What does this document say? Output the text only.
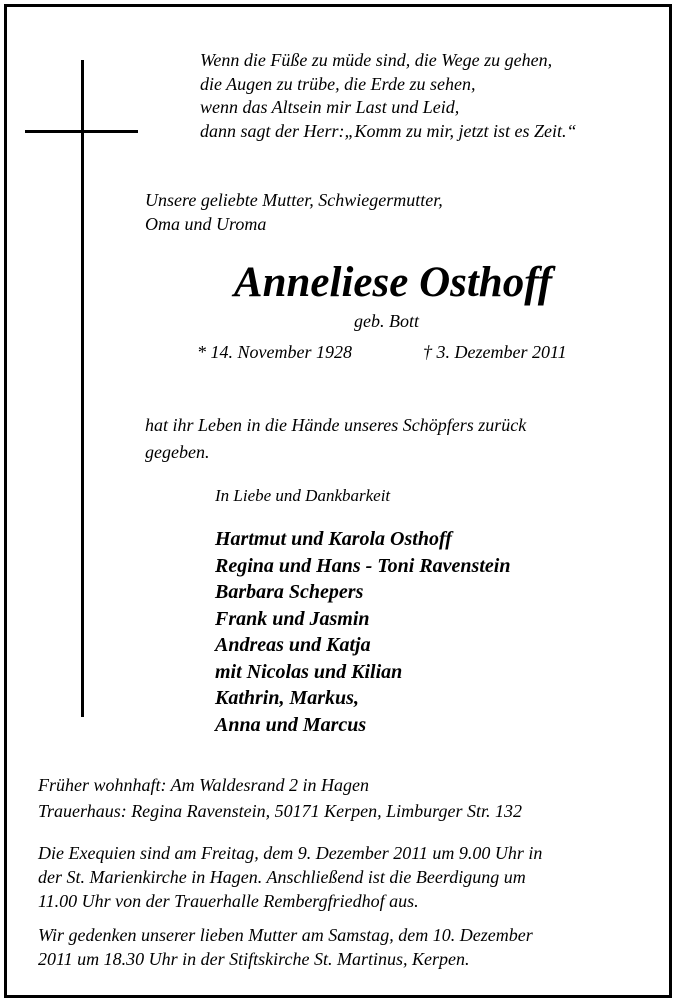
Wenn die Füße zu müde sind, die Wege zu gehen,
die Augen zu trübe, die Erde zu sehen,
wenn das Altsein mir Last und Leid,
dann sagt der Herr:„Komm zu mir, jetzt ist es Zeit.“
Unsere geliebte Mutter, Schwiegermutter,
Oma und Uroma
Anneliese Osthoff
geb. Bott
* 14. November 1928	† 3. Dezember 2011
hat ihr Leben in die Hände unseres Schöpfers zurück
gegeben.
In Liebe und Dankbarkeit
Hartmut und Karola Osthoff
Regina und Hans - Toni Ravenstein
Barbara Schepers
Frank und Jasmin
Andreas und Katja
mit Nicolas und Kilian
Kathrin, Markus,
Anna und Marcus
Früher wohnhaft: Am Waldesrand 2 in Hagen
Trauerhaus: Regina Ravenstein, 50171 Kerpen, Limburger Str. 132
Die Exequien sind am Freitag, dem 9. Dezember 2011 um 9.00 Uhr in
der St. Marienkirche in Hagen. Anschließend ist die Beerdigung um
11.00 Uhr von der Trauerhalle Rembergfriedhof aus.
Wir gedenken unserer lieben Mutter am Samstag, dem 10. Dezember
2011 um 18.30 Uhr in der Stiftskirche St. Martinus, Kerpen.
